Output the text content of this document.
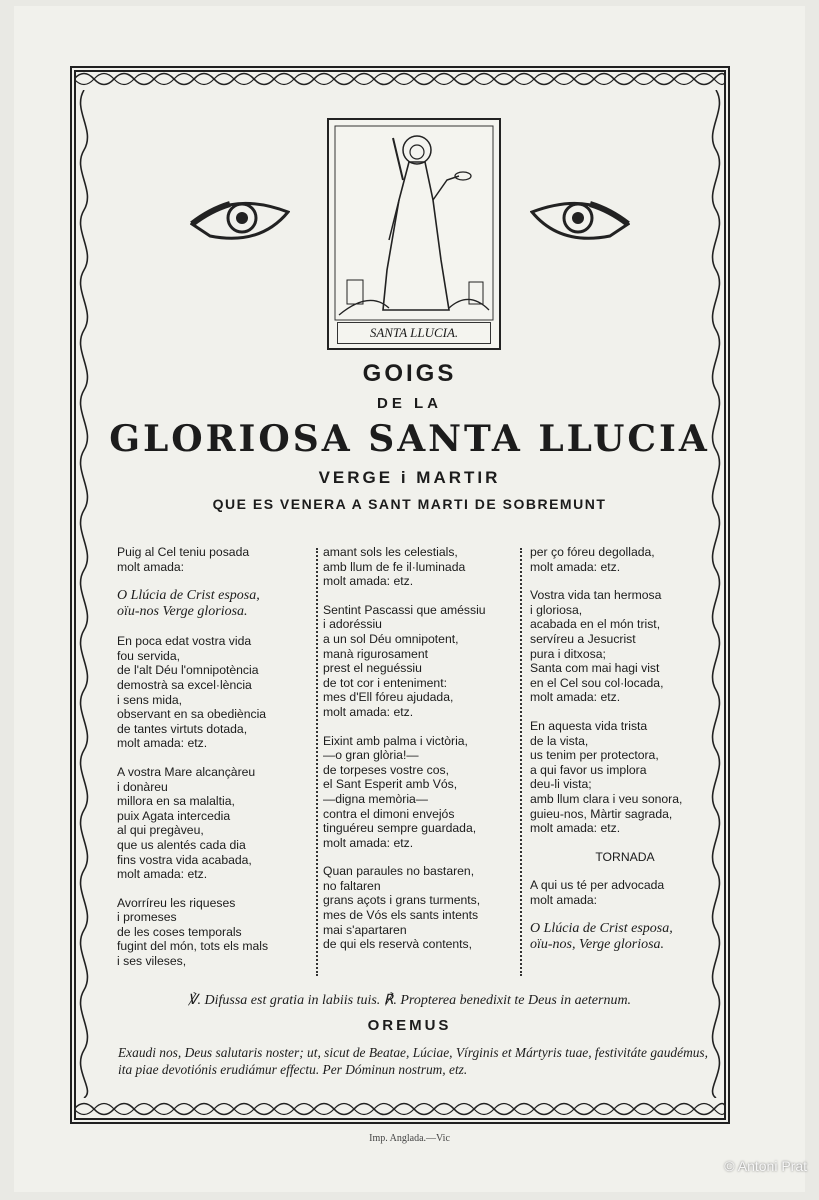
SANTA LLUCIA.
GOIGS
DE LA
GLORIOSA SANTA LLUCIA
VERGE i MARTIR
QUE ES VENERA A SANT MARTI DE SOBREMUNT
Puig al Cel teniu posada
molt amada:
O Llúcia de Crist esposa,
oïu-nos Verge gloriosa.
En poca edat vostra vida
fou servida,
de l'alt Déu l'omnipotència
demostrà sa excel·lència
i sens mida,
observant en sa obediència
de tantes virtuts dotada,
molt amada: etz.
A vostra Mare alcançàreu
i donàreu
millora en sa malaltia,
puix Agata intercedia
al qui pregàveu,
que us alentés cada dia
fins vostra vida acabada,
molt amada: etz.
Avorríreu les riqueses
i promeses
de les coses temporals
fugint del món, tots els mals
i ses vileses,
amant sols les celestials,
amb llum de fe il·luminada
molt amada: etz.
Sentint Pascassi que améssiu
i adoréssiu
a un sol Déu omnipotent,
manà rigurosament
prest el neguéssiu
de tot cor i enteniment:
mes d'Ell fóreu ajudada,
molt amada: etz.
Eixint amb palma i victòria,
—o gran glòria!—
de torpeses vostre cos,
el Sant Esperit amb Vós,
—digna memòria—
contra el dimoni envejós
tinguéreu sempre guardada,
molt amada: etz.
Quan paraules no bastaren,
no faltaren
grans açots i grans turments,
mes de Vós els sants intents
mai s'apartaren
de qui els reservà contents,
per ço fóreu degollada,
molt amada: etz.
Vostra vida tan hermosa
i gloriosa,
acabada en el món trist,
servíreu a Jesucrist
pura i ditxosa;
Santa com mai hagi vist
en el Cel sou col·locada,
molt amada: etz.
En aquesta vida trista
de la vista,
us tenim per protectora,
a qui favor us implora
deu-li vista;
amb llum clara i veu sonora,
guieu-nos, Màrtir sagrada,
molt amada: etz.
TORNADA
A qui us té per advocada
molt amada:
O Llúcia de Crist esposa,
oïu-nos, Verge gloriosa.
℣. Difussa est gratia in labiis tuis. ℟. Propterea benedixit te Deus in aeternum.
OREMUS
Exaudi nos, Deus salutaris noster; ut, sicut de Beatae, Lúciae, Vírginis et Mártyris tuae, festivitáte gaudémus, ita piae devotiónis erudiámur effectu. Per Dóminun nostrum, etz.
Imp. Anglada.—Vic
© Antoni Prat
